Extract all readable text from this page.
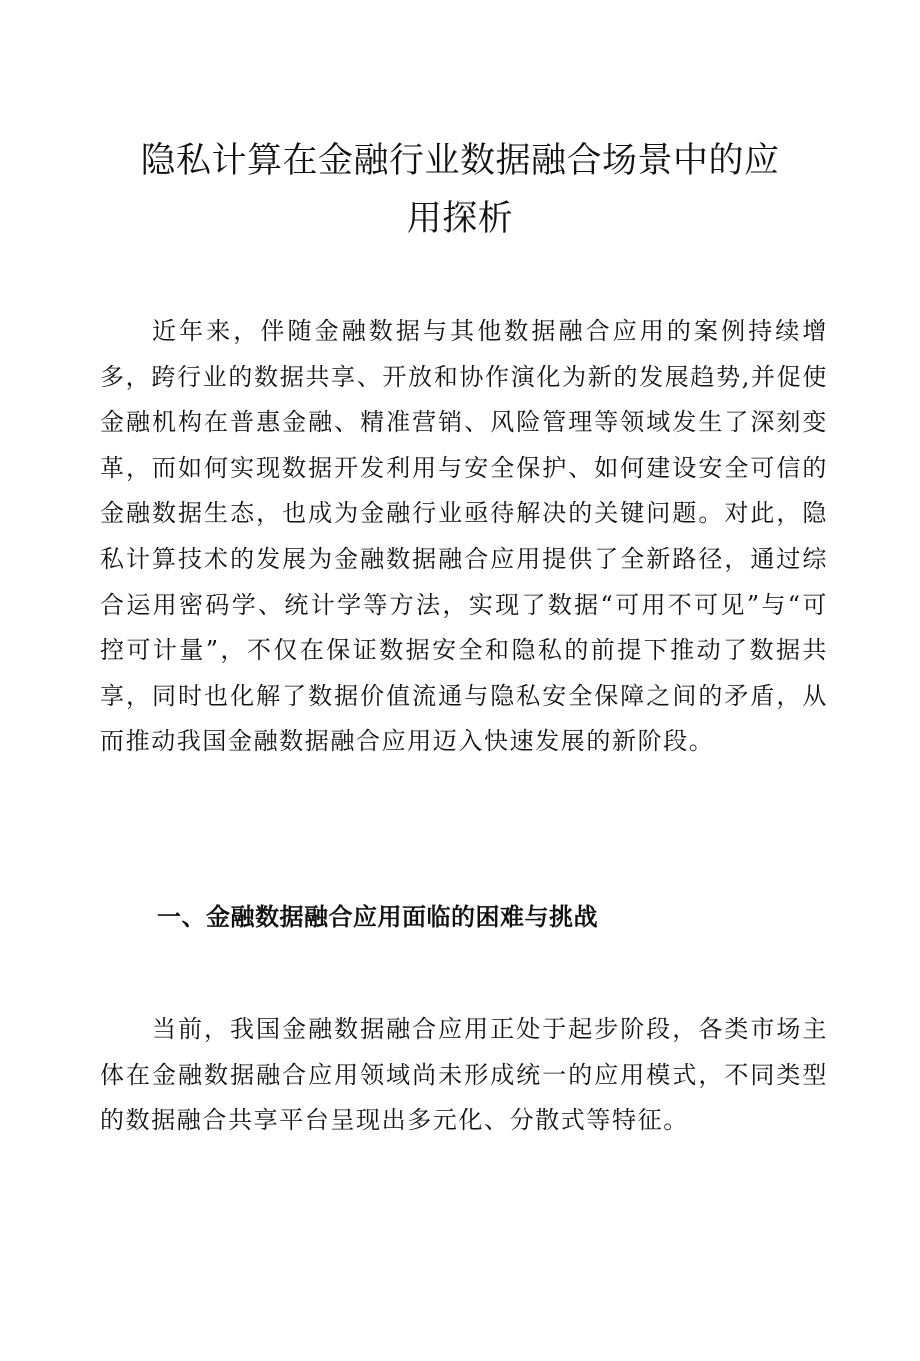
隐私计算在金融行业数据融合场景中的应
用探析

近年来，伴随金融数据与其他数据融合应用的案例持续增多，跨行业的数据共享、开放和协作演化为新的发展趋势,并促使金融机构在普惠金融、精准营销、风险管理等领域发生了深刻变革，而如何实现数据开发利用与安全保护、如何建设安全可信的金融数据生态，也成为金融行业亟待解决的关键问题。对此，隐私计算技术的发展为金融数据融合应用提供了全新路径，通过综合运用密码学、统计学等方法，实现了数据“可用不可见”与“可控可计量”，不仅在保证数据安全和隐私的前提下推动了数据共享，同时也化解了数据价值流通与隐私安全保障之间的矛盾，从而推动我国金融数据融合应用迈入快速发展的新阶段。

一、金融数据融合应用面临的困难与挑战

当前，我国金融数据融合应用正处于起步阶段，各类市场主体在金融数据融合应用领域尚未形成统一的应用模式，不同类型的数据融合共享平台呈现出多元化、分散式等特征。
